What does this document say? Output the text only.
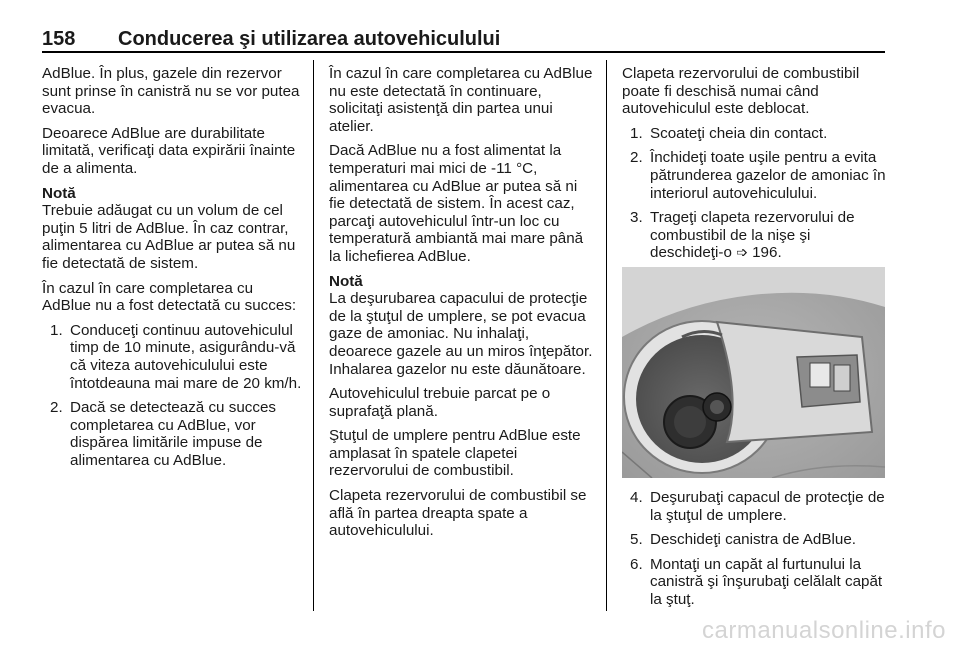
158 Conducerea şi utilizarea autovehiculului

AdBlue. În plus, gazele din rezervor sunt prinse în canistră nu se vor putea evacua.

Deoarece AdBlue are durabilitate limitată, verificaţi data expirării înainte de a alimenta.

Notă

Trebuie adăugat cu un volum de cel puţin 5 litri de AdBlue. În caz contrar, alimentarea cu AdBlue ar putea să nu fie detectată de sistem.

În cazul în care completarea cu AdBlue nu a fost detectată cu succes:

1. Conduceţi continuu autovehiculul timp de 10 minute, asigurându-vă că viteza autovehiculului este întotdeauna mai mare de 20 km/h.
2. Dacă se detectează cu succes completarea cu AdBlue, vor dispărea limitările impuse de alimentarea cu AdBlue.

În cazul în care completarea cu AdBlue nu este detectată în continuare, solicitaţi asistenţă din partea unui atelier.

Dacă AdBlue nu a fost alimentat la temperaturi mai mici de -11 °C, alimentarea cu AdBlue ar putea să ni fie detectată de sistem. În acest caz, parcaţi autovehiculul într-un loc cu temperatură ambiantă mai mare până la lichefierea AdBlue.

Notă

La deşurubarea capacului de protecţie de la ştuţul de umplere, se pot evacua gaze de amoniac. Nu inhalaţi, deoarece gazele au un miros înţepător. Inhalarea gazelor nu este dăunătoare.

Autovehiculul trebuie parcat pe o suprafaţă plană.

Ştuţul de umplere pentru AdBlue este amplasat în spatele clapetei rezervorului de combustibil.

Clapeta rezervorului de combustibil se află în partea dreapta spate a autovehiculului.

Clapeta rezervorului de combustibil poate fi deschisă numai când autovehiculul este deblocat.

1. Scoateţi cheia din contact.
2. Închideţi toate uşile pentru a evita pătrunderea gazelor de amoniac în interiorul autovehiculului.
3. Trageţi clapeta rezervorului de combustibil de la nişe şi deschideţi-o ➩ 196.
4. Deşurubaţi capacul de protecţie de la ştuţul de umplere.
5. Deschideţi canistra de AdBlue.
6. Montaţi un capăt al furtunului la canistră şi înşurubaţi celălalt capăt la ştuţ.
carmanualsonline.info
